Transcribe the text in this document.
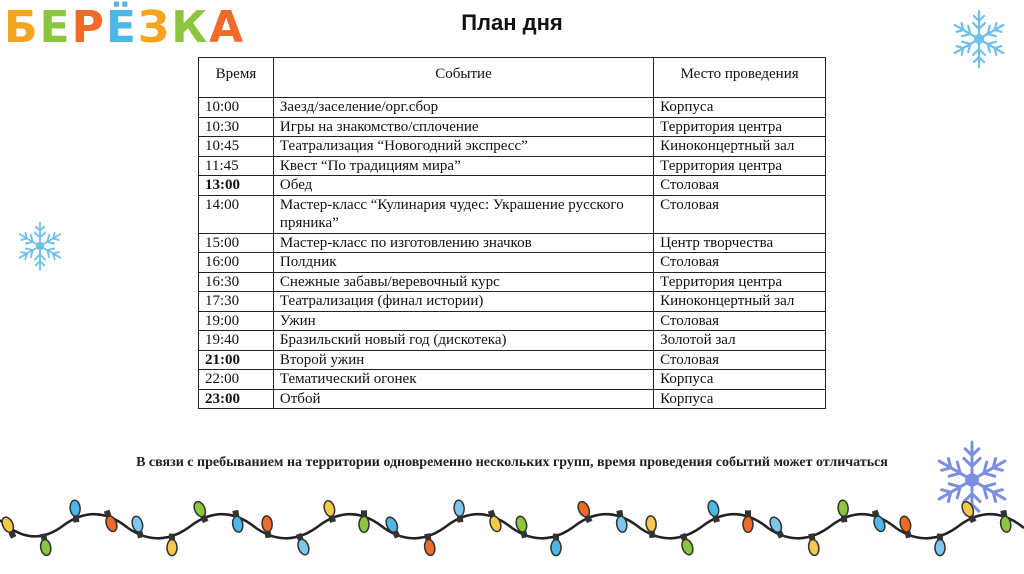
Б Е Р Ё З К А	План дня
Время	Событие	Место проведения
10:00	Заезд/заселение/орг.сбор	Корпуса
10:30	Игры на знакомство/сплочение	Территория центра
10:45	Театрализация “Новогодний экспресс”	Киноконцертный зал
11:45	Квест “По традициям мира”	Территория центра
13:00	Обед	Столовая
14:00	Мастер-класс “Кулинария чудес: Украшение русского пряника”	Столовая
15:00	Мастер-класс по изготовлению значков	Центр творчества
16:00	Полдник	Столовая
16:30	Снежные забавы/веревочный курс	Территория центра
17:30	Театрализация (финал истории)	Киноконцертный зал
19:00	Ужин	Столовая
19:40	Бразильский новый год (дискотека)	Золотой зал
21:00	Второй ужин	Столовая
22:00	Тематический огонек	Корпуса
23:00	Отбой	Корпуса
В связи с пребыванием на территории одновременно нескольких групп, время проведения событий может отличаться
